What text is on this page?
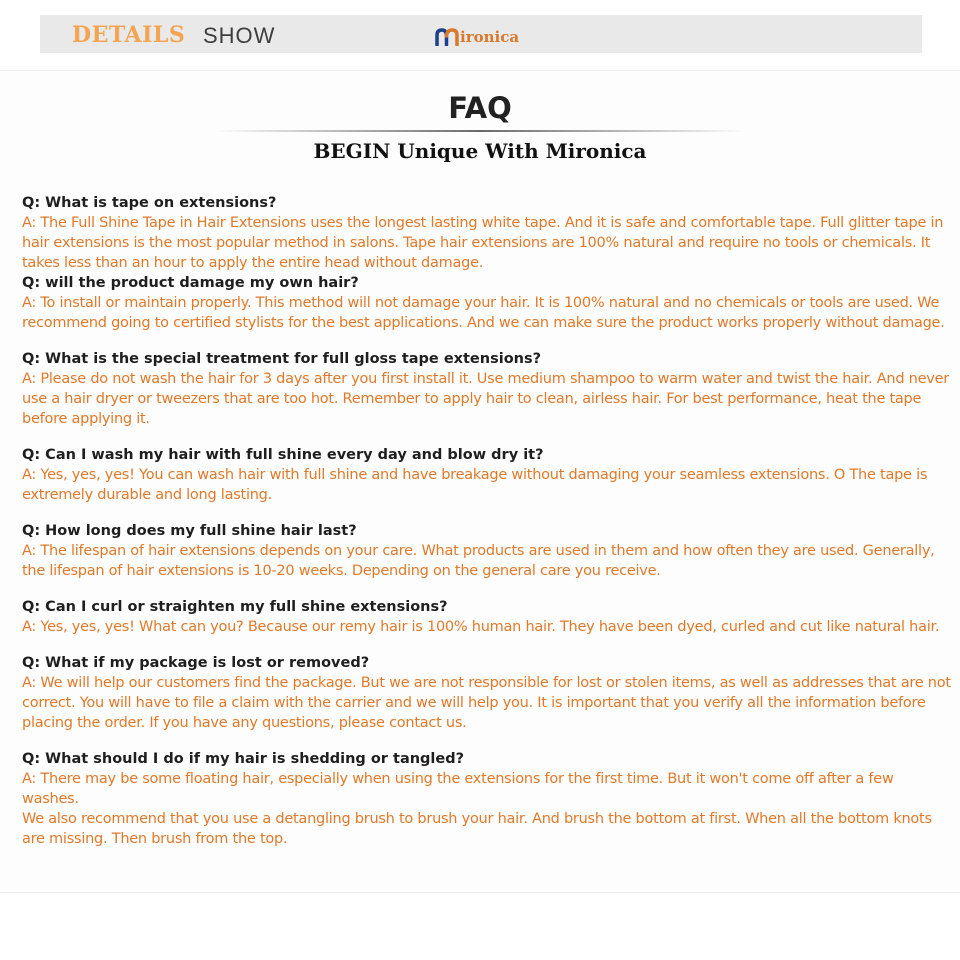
DETAILS SHOW	ironica
FAQ
BEGIN Unique With Mironica
Q: What is tape on extensions?
A: The Full Shine Tape in Hair Extensions uses the longest lasting white tape. And it is safe and comfortable tape. Full glitter tape in hair extensions is the most popular method in salons. Tape hair extensions are 100% natural and require no tools or chemicals. It takes less than an hour to apply the entire head without damage.
Q: will the product damage my own hair?
A: To install or maintain properly. This method will not damage your hair. It is 100% natural and no chemicals or tools are used. We recommend going to certified stylists for the best applications. And we can make sure the product works properly without damage.
Q: What is the special treatment for full gloss tape extensions?
A: Please do not wash the hair for 3 days after you first install it. Use medium shampoo to warm water and twist the hair. And never use a hair dryer or tweezers that are too hot. Remember to apply hair to clean, airless hair. For best performance, heat the tape before applying it.
Q: Can I wash my hair with full shine every day and blow dry it?
A: Yes, yes, yes! You can wash hair with full shine and have breakage without damaging your seamless extensions. O The tape is extremely durable and long lasting.
Q: How long does my full shine hair last?
A: The lifespan of hair extensions depends on your care. What products are used in them and how often they are used. Generally, the lifespan of hair extensions is 10-20 weeks. Depending on the general care you receive.
Q: Can I curl or straighten my full shine extensions?
A: Yes, yes, yes! What can you? Because our remy hair is 100% human hair. They have been dyed, curled and cut like natural hair.
Q: What if my package is lost or removed?
A: We will help our customers find the package. But we are not responsible for lost or stolen items, as well as addresses that are not correct. You will have to file a claim with the carrier and we will help you. It is important that you verify all the information before placing the order. If you have any questions, please contact us.
Q: What should I do if my hair is shedding or tangled?
A: There may be some floating hair, especially when using the extensions for the first time. But it won't come off after a few washes.
We also recommend that you use a detangling brush to brush your hair. And brush the bottom at first. When all the bottom knots are missing. Then brush from the top.
